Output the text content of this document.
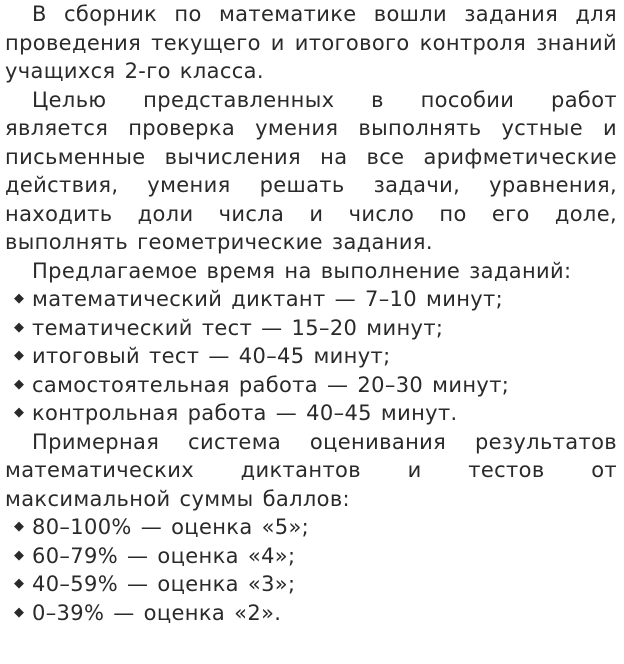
В сборник по математике вошли задания для проведения текущего и итогового контроля знаний учащихся 2-го класса.

Целью представленных в пособии работ является проверка умения выполнять устные и письменные вычисления на все арифметические действия, умения решать задачи, уравнения, находить доли числа и число по его доле, выполнять геометрические задания.

Предлагаемое время на выполнение заданий:

◆ математический диктант — 7–10 минут;
◆ тематический тест — 15–20 минут;
◆ итоговый тест — 40–45 минут;
◆ самостоятельная работа — 20–30 минут;
◆ контрольная работа — 40–45 минут.

Примерная система оценивания результатов математических диктантов и тестов от максимальной суммы баллов:

◆ 80–100% — оценка «5»;
◆ 60–79% — оценка «4»;
◆ 40–59% — оценка «3»;
◆ 0–39% — оценка «2».
